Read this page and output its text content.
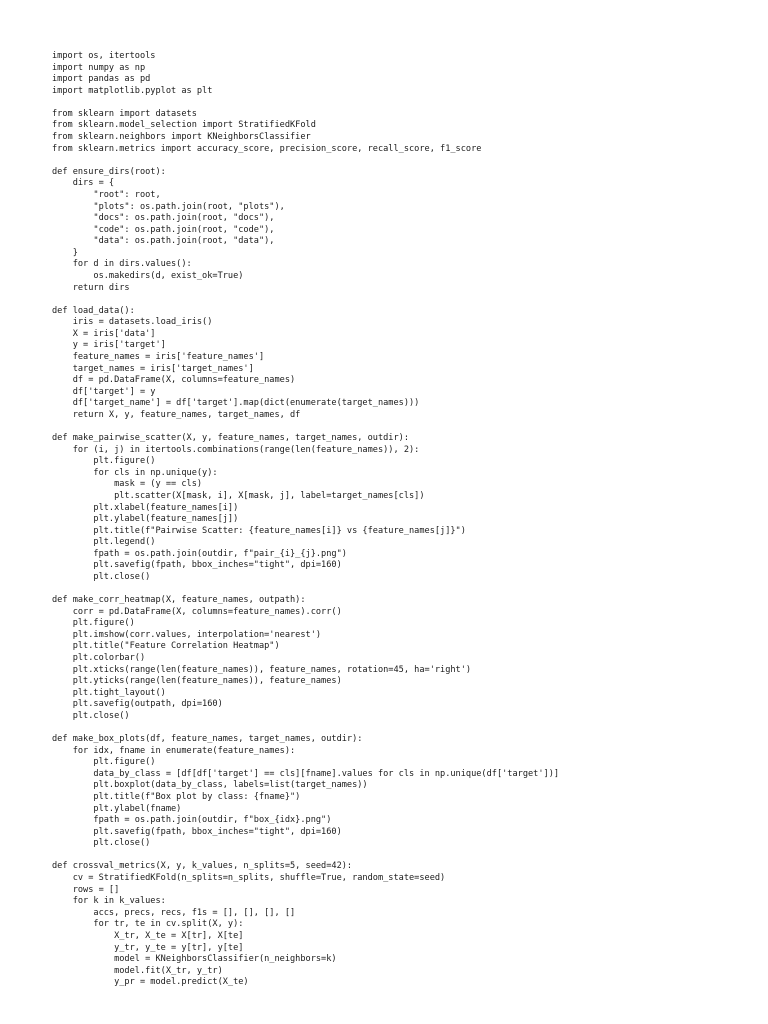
import os, itertools
import numpy as np
import pandas as pd
import matplotlib.pyplot as plt
from sklearn import datasets
from sklearn.model_selection import StratifiedKFold
from sklearn.neighbors import KNeighborsClassifier
from sklearn.metrics import accuracy_score, precision_score, recall_score, f1_score
def ensure_dirs(root):
dirs = {
"root": root,
"plots": os.path.join(root, "plots"),
"docs": os.path.join(root, "docs"),
"code": os.path.join(root, "code"),
"data": os.path.join(root, "data"),
}
for d in dirs.values():
os.makedirs(d, exist_ok=True)
return dirs
def load_data():
iris = datasets.load_iris()
X = iris['data']
y = iris['target']
feature_names = iris['feature_names']
target_names = iris['target_names']
df = pd.DataFrame(X, columns=feature_names)
df['target'] = y
df['target_name'] = df['target'].map(dict(enumerate(target_names)))
return X, y, feature_names, target_names, df
def make_pairwise_scatter(X, y, feature_names, target_names, outdir):
for (i, j) in itertools.combinations(range(len(feature_names)), 2):
plt.figure()
for cls in np.unique(y):
mask = (y == cls)
plt.scatter(X[mask, i], X[mask, j], label=target_names[cls])
plt.xlabel(feature_names[i])
plt.ylabel(feature_names[j])
plt.title(f"Pairwise Scatter: {feature_names[i]} vs {feature_names[j]}")
plt.legend()
fpath = os.path.join(outdir, f"pair_{i}_{j}.png")
plt.savefig(fpath, bbox_inches="tight", dpi=160)
plt.close()
def make_corr_heatmap(X, feature_names, outpath):
corr = pd.DataFrame(X, columns=feature_names).corr()
plt.figure()
plt.imshow(corr.values, interpolation='nearest')
plt.title("Feature Correlation Heatmap")
plt.colorbar()
plt.xticks(range(len(feature_names)), feature_names, rotation=45, ha='right')
plt.yticks(range(len(feature_names)), feature_names)
plt.tight_layout()
plt.savefig(outpath, dpi=160)
plt.close()
def make_box_plots(df, feature_names, target_names, outdir):
for idx, fname in enumerate(feature_names):
plt.figure()
data_by_class = [df[df['target'] == cls][fname].values for cls in np.unique(df['target'])]
plt.boxplot(data_by_class, labels=list(target_names))
plt.title(f"Box plot by class: {fname}")
plt.ylabel(fname)
fpath = os.path.join(outdir, f"box_{idx}.png")
plt.savefig(fpath, bbox_inches="tight", dpi=160)
plt.close()
def crossval_metrics(X, y, k_values, n_splits=5, seed=42):
cv = StratifiedKFold(n_splits=n_splits, shuffle=True, random_state=seed)
rows = []
for k in k_values:
accs, precs, recs, f1s = [], [], [], []
for tr, te in cv.split(X, y):
X_tr, X_te = X[tr], X[te]
y_tr, y_te = y[tr], y[te]
model = KNeighborsClassifier(n_neighbors=k)
model.fit(X_tr, y_tr)
y_pr = model.predict(X_te)
